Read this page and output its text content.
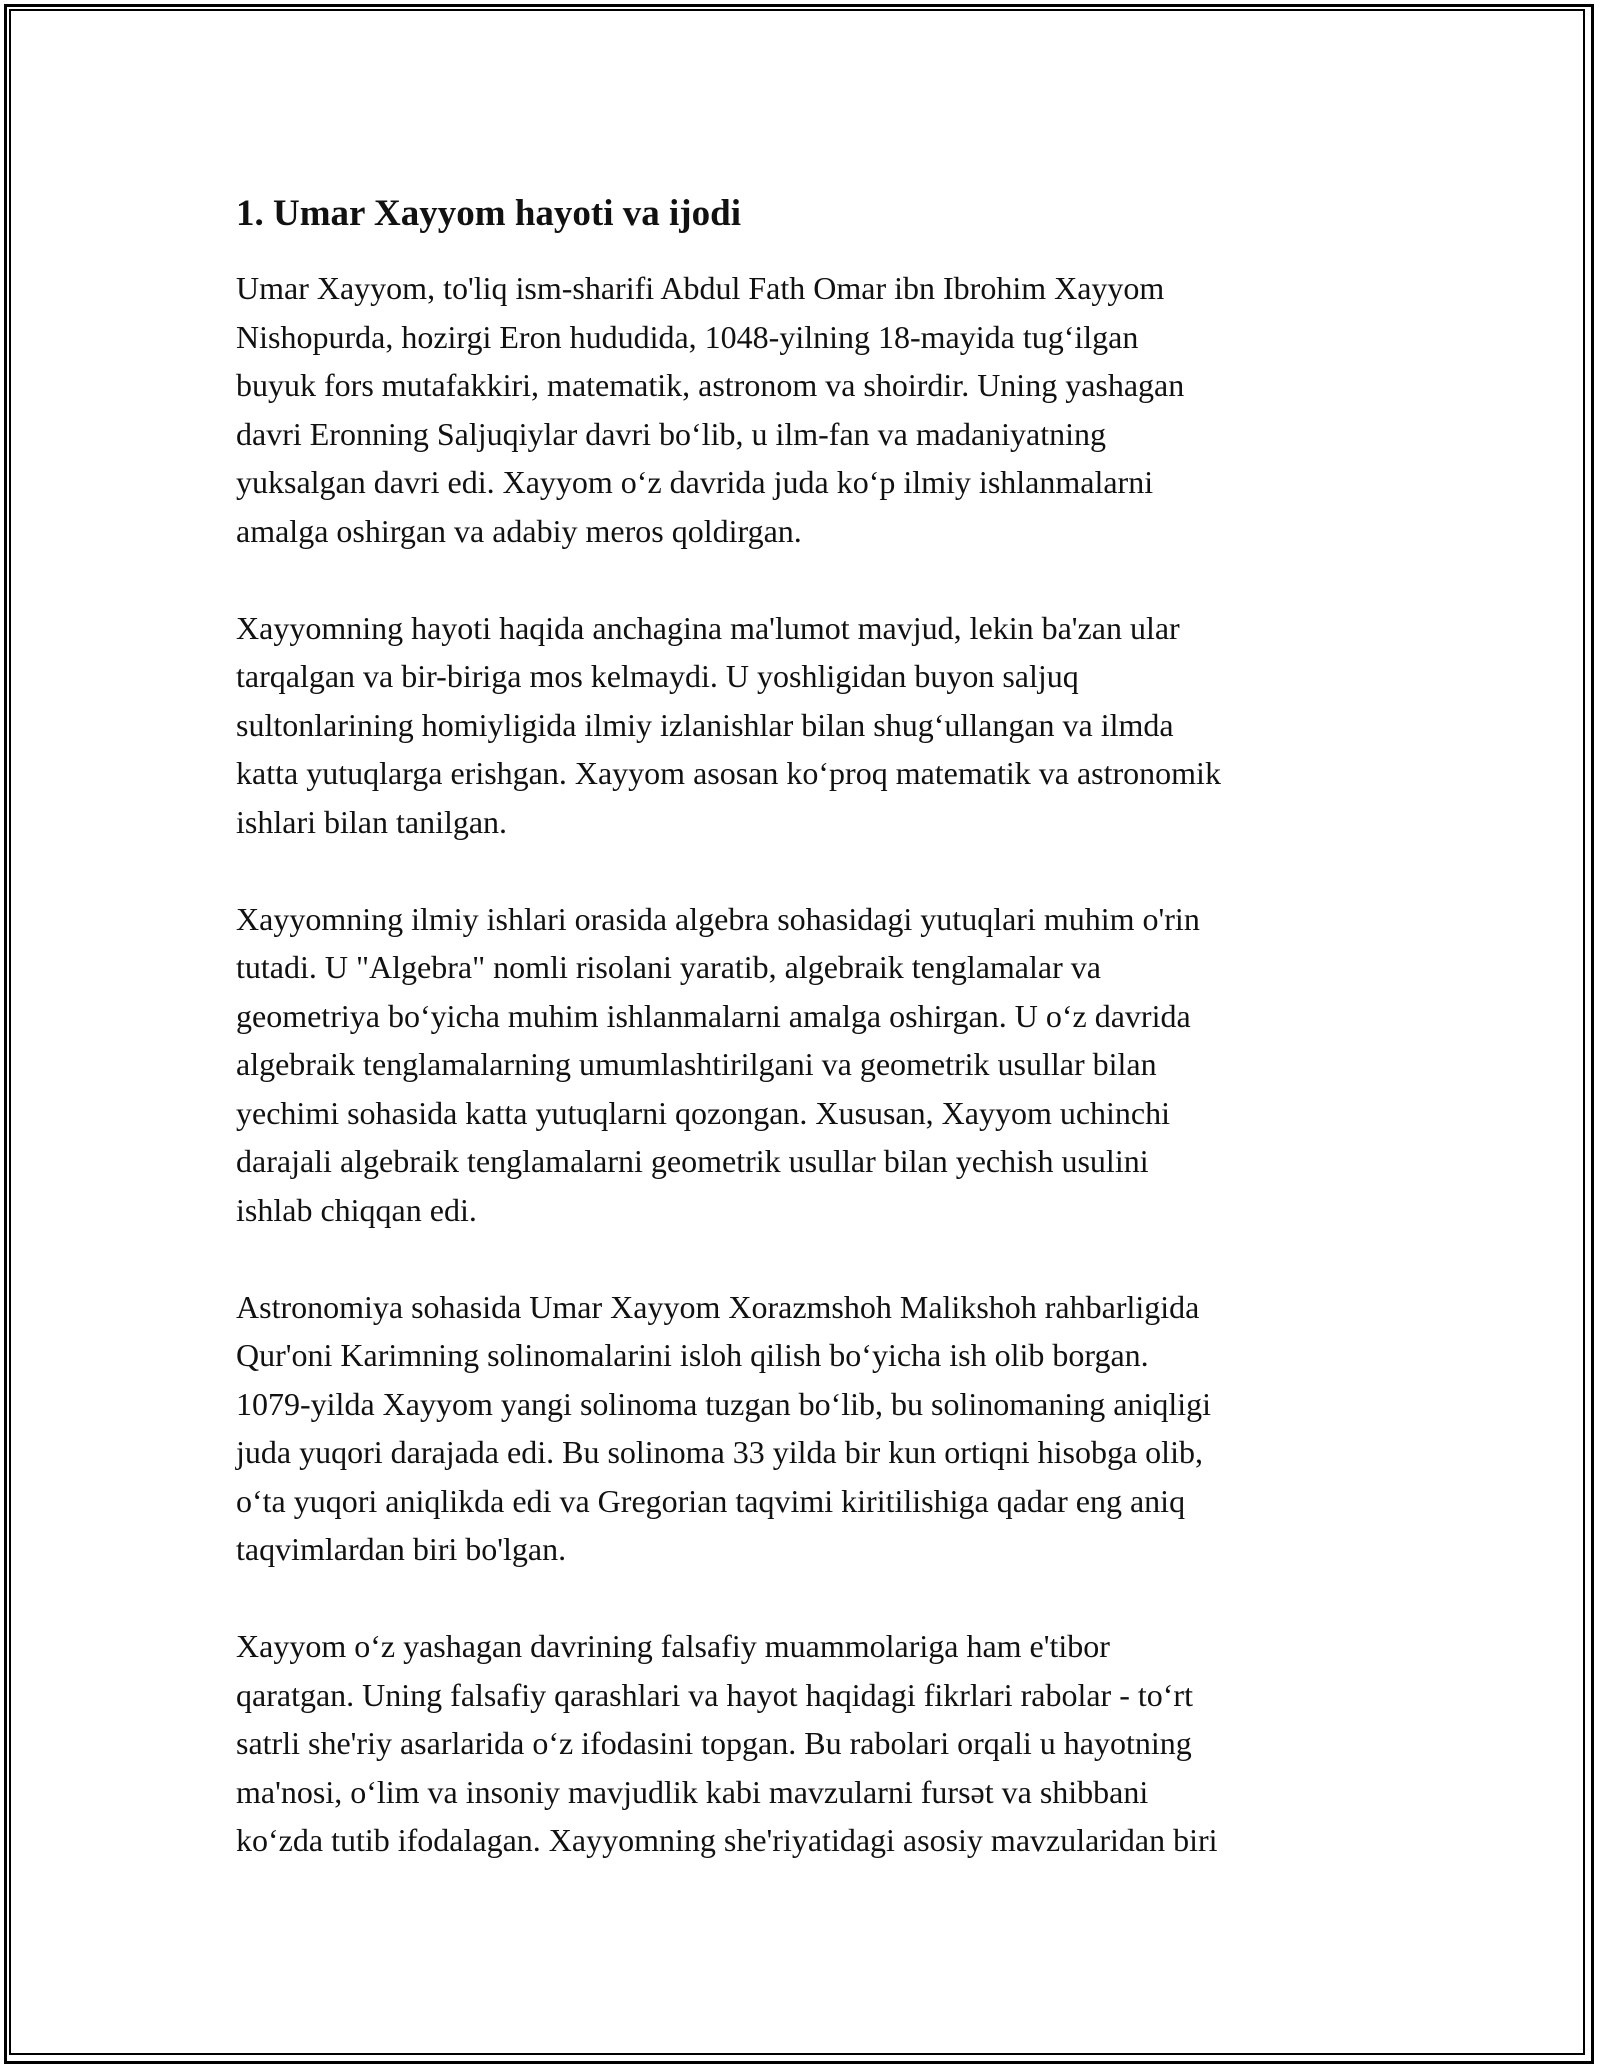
1. Umar Xayyom hayoti va ijodi
Umar Xayyom, to'liq ism-sharifi Abdul Fath Omar ibn Ibrohim Xayyom
Nishopurda, hozirgi Eron hududida, 1048-yilning 18-mayida tug‘ilgan
buyuk fors mutafakkiri, matematik, astronom va shoirdir. Uning yashagan
davri Eronning Saljuqiylar davri bo‘lib, u ilm-fan va madaniyatning
yuksalgan davri edi. Xayyom o‘z davrida juda ko‘p ilmiy ishlanmalarni
amalga oshirgan va adabiy meros qoldirgan.
Xayyomning hayoti haqida anchagina ma'lumot mavjud, lekin ba'zan ular
tarqalgan va bir-biriga mos kelmaydi. U yoshligidan buyon saljuq
sultonlarining homiyligida ilmiy izlanishlar bilan shug‘ullangan va ilmda
katta yutuqlarga erishgan. Xayyom asosan ko‘proq matematik va astronomik
ishlari bilan tanilgan.
Xayyomning ilmiy ishlari orasida algebra sohasidagi yutuqlari muhim o'rin
tutadi. U "Algebra" nomli risolani yaratib, algebraik tenglamalar va
geometriya bo‘yicha muhim ishlanmalarni amalga oshirgan. U o‘z davrida
algebraik tenglamalarning umumlashtirilgani va geometrik usullar bilan
yechimi sohasida katta yutuqlarni qozongan. Xususan, Xayyom uchinchi
darajali algebraik tenglamalarni geometrik usullar bilan yechish usulini
ishlab chiqqan edi.
Astronomiya sohasida Umar Xayyom Xorazmshoh Malikshoh rahbarligida
Qur'oni Karimning solinomalarini isloh qilish bo‘yicha ish olib borgan.
1079-yilda Xayyom yangi solinoma tuzgan bo‘lib, bu solinomaning aniqligi
juda yuqori darajada edi. Bu solinoma 33 yilda bir kun ortiqni hisobga olib,
o‘ta yuqori aniqlikda edi va Gregorian taqvimi kiritilishiga qadar eng aniq
taqvimlardan biri bo'lgan.
Xayyom o‘z yashagan davrining falsafiy muammolariga ham e'tibor
qaratgan. Uning falsafiy qarashlari va hayot haqidagi fikrlari rabolar - to‘rt
satrli she'riy asarlarida o‘z ifodasini topgan. Bu rabolari orqali u hayotning
ma'nosi, o‘lim va insoniy mavjudlik kabi mavzularni fursət va shibbani
ko‘zda tutib ifodalagan. Xayyomning she'riyatidagi asosiy mavzularidan biri
